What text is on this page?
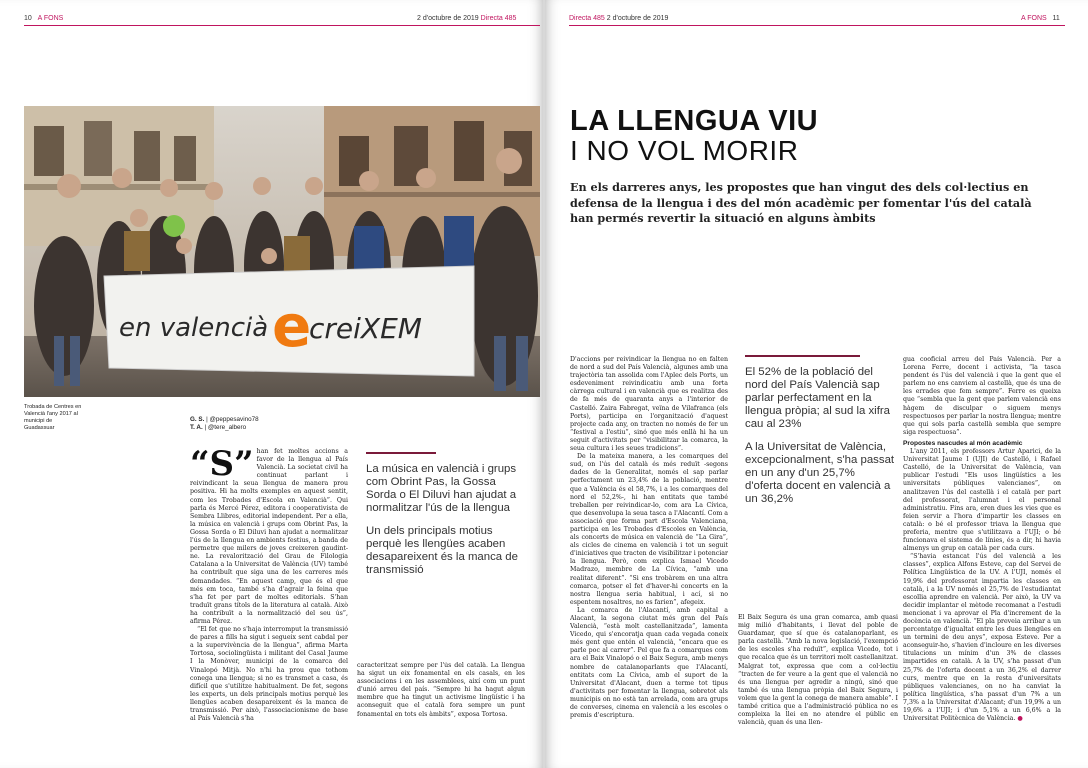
10 A FONS	2 d'octubre de 2019 Directa 485
en valencià e
creiXEM
Trobada de Centres en Valencià l'any 2017 al municipi de Guadassuar
G. S. | @peppesavino78
T. A. | @tere_albero

“S” han fet moltes accions a favor de la llengua al País Valencià. La societat civil ha continuat parlant i reivindicant la seua llengua de manera prou positiva. Hi ha molts exemples en aquest sentit, com les Trobades d'Escola en Valencià”. Qui parla és Mercé Pérez, editora i cooperativista de Sembra Llibres, editorial independent. Per a ella, la música en valencià i grups com Obrint Pas, la Gossa Sorda o El Diluvi han ajudat a normalitzar l'ús de la llengua en ambients festius, a banda de permetre que milers de joves creixeren gaudint-ne. La revalorització del Grau de Filologia Catalana a la Universitat de València (UV) també ha contribuït que siga una de les carreres més demandades. “En aquest camp, que és el que més em toca, també s'ha d'agrair la feina que s'ha fet per part de moltes editorials. S'han traduït grans títols de la literatura al català. Això ha contribuït a la normalització del seu ús”, afirma Pérez.

“El fet que no s'haja interromput la transmissió de pares a fills ha sigut i segueix sent cabdal per a la supervivència de la llengua”, afirma Marta Tortosa, sociolingüista i militant del Casal Jaume I la Monòver, municipi de la comarca del Vinalopó Mitjà. No n'hi ha prou que tothom conega una llengua; si no es transmet a casa, és difícil que s'utilitze habitualment. De fet, segons les experts, un dels principals motius perquè les llengües acaben desapareixent és la manca de transmissió. Per això, l'associacionisme de base al País Valencià s'ha

La música en valencià i grups com Obrint Pas, la Gossa Sorda o El Diluvi han ajudat a normalitzar l'ús de la llengua

Un dels principals motius perquè les llengües acaben desapareixent és la manca de transmissió

caracteritzat sempre per l'ús del català. La llengua ha sigut un eix fonamental en els casals, en les associacions i en les assemblees, així com un punt d'unió arreu del país. “Sempre hi ha hagut algun membre que ha tingut un activisme lingüístic i ha aconseguit que el català fora sempre un punt fonamental en tots els àmbits”, exposa Tortosa.

Directa 485 2 d'octubre de 2019	A FONS 11
LA LLENGUA VIU
I NO VOL MORIR
En els darreres anys, les propostes que han vingut des dels col·lectius en defensa de la llengua i des del món acadèmic per fomentar l'ús del català han permés revertir la situació en alguns àmbits

D'accions per reivindicar la llengua no en falten de nord a sud del País Valencià, algunes amb una trajectòria tan assolida com l'Aplec dels Ports, un esdeveniment reivindicatiu amb una forta càrrega cultural i en valencià que es realitza des de fa més de quaranta anys a l'interior de Castelló. Zaira Fabregat, veïna de Vilafranca (els Ports), participa en l'organització d'aquest projecte cada any, on tracten no només de fer un “festival a l'estiu”, sinó que més enllà hi ha un seguit d'activitats per “visibilitzar la comarca, la seua cultura i les seues tradicions”.

De la mateixa manera, a les comarques del sud, on l'ús del català és més reduït -segons dades de la Generalitat, només el sap parlar perfectament un 23,4% de la població, mentre que a València és el 58,7%, i a les comarques del nord el 52,2%-, hi han entitats que també treballen per reivindicar-lo, com ara La Cívica, que desenvolupa la seua tasca a l'Alacantí. Com a associació que forma part d'Escola Valenciana, participa en les Trobades d'Escoles en València, als concerts de música en valencià de “La Gira”, als cicles de cinema en valencià i tot un seguit d'iniciatives que tracten de visibilitzar i potenciar la llengua. Però, com explica Ismael Vicedo Madrazo, membre de La Cívica, “amb una realitat diferent”. “Si ens trobàrem en una altra comarca, potser el fet d'haver-hi concerts en la nostra llengua seria habitual, i ací, si no espentem nosaltres, no es farien”, afegeix.

La comarca de l'Alacantí, amb capital a Alacant, la segona ciutat més gran del País Valencià, “està molt castellanitzada”, lamenta Vicedo, qui s'encoratja quan cada vegada coneix més gent que entén el valencià, “encara que es parle poc al carrer”. Pel que fa a comarques com ara el Baix Vinalopó o el Baix Segura, amb menys nombre de catalanoparlants que l'Alacantí, entitats com La Cívica, amb el suport de la Universitat d'Alacant, duen a terme tot tipus d'activitats per fomentar la llengua, sobretot als municipis on no està tan arrelada, com ara grups de converses, cinema en valencià a les escoles o premis d'escriptura.

El 52% de la població del nord del País Valencià sap parlar perfectament en la llengua pròpia; al sud la xifra cau al 23%

A la Universitat de València, excepcionalment, s'ha passat en un any d'un 25,7% d'oferta docent en valencià a un 36,2%

El Baix Segura és una gran comarca, amb quasi mig milió d'habitants, i llevat del poble de Guardamar, que sí que és catalanoparlant, es parla castellà. “Amb la nova legislació, l'exempció de les escoles s'ha reduït”, explica Vicedo, tot i que recalca que és un territori molt castellanitzat. Malgrat tot, expressa que com a col·lectiu “tracten de fer veure a la gent que el valencià no és una llengua per agredir a ningú, sinó que també és una llengua pròpia del Baix Segura, i volem que la gent la conega de manera amable”. I també critica que a l'administració pública no es compleixa la llei en no atendre el públic en valencià, quan és una llen-

gua cooficial arreu del País Valencià. Per a Lorena Ferre, docent i activista, “la tasca pendent és l'ús del valencià i que la gent que el parlem no ens canviem al castellà, que és una de les errades que fem sempre”. Ferre es queixa que “sembla que la gent que parlem valencià ens hàgem de disculpar o siguem menys respectuosos per parlar la nostra llengua; mentre que qui sols parla castellà sembla que sempre siga respectuosa”.

Propostes nascudes al món acadèmic

L'any 2011, els professors Artur Aparici, de la Universitat Jaume I (UJI) de Castelló, i Rafael Castelló, de la Universitat de València, van publicar l'estudi “Els usos lingüístics a les universitats públiques valencianes”, on analitzaven l'ús del castellà i el català per part del professorat, l'alumnat i el personal administratiu. Fins ara, eren dues les vies que es feien servir a l'hora d'impartir les classes en català: o bé el professor triava la llengua que preferia, mentre que s'utilitzava a l'UJI; o bé funcionava el sistema de línies, és a dir, hi havia almenys un grup en català per cada curs.

“S'havia estancat l'ús del valencià a les classes”, explica Alfons Esteve, cap del Servei de Política Lingüística de la UV. A l'UJI, només el 19,9% del professorat impartia les classes en català, i a la UV només el 25,7% de l'estudiantat escollia aprendre en valencià. Per això, la UV va decidir implantar el mètode recomanat a l'estudi mencionat i va aprovar el Pla d'increment de la docència en valencià. “El pla preveia arribar a un percentatge d'igualtat entre les dues llengües en un termini de deu anys”, exposa Esteve. Per a aconseguir-ho, s'havien d'incloure en les diverses titulacions un mínim d'un 3% de classes impartides en català. A la UV, s'ha passat d'un 25,7% de l'oferta docent a un 36,2% el darrer curs, mentre que en la resta d'universitats públiques valencianes, on no ha canviat la política lingüística, s'ha passat d'un 7% a un 7,3% a la Universitat d'Alacant; d'un 19,9% a un 19,6% a l'UJI; i d'un 5,1% a un 6,6% a la Universitat Politècnica de València. ●
